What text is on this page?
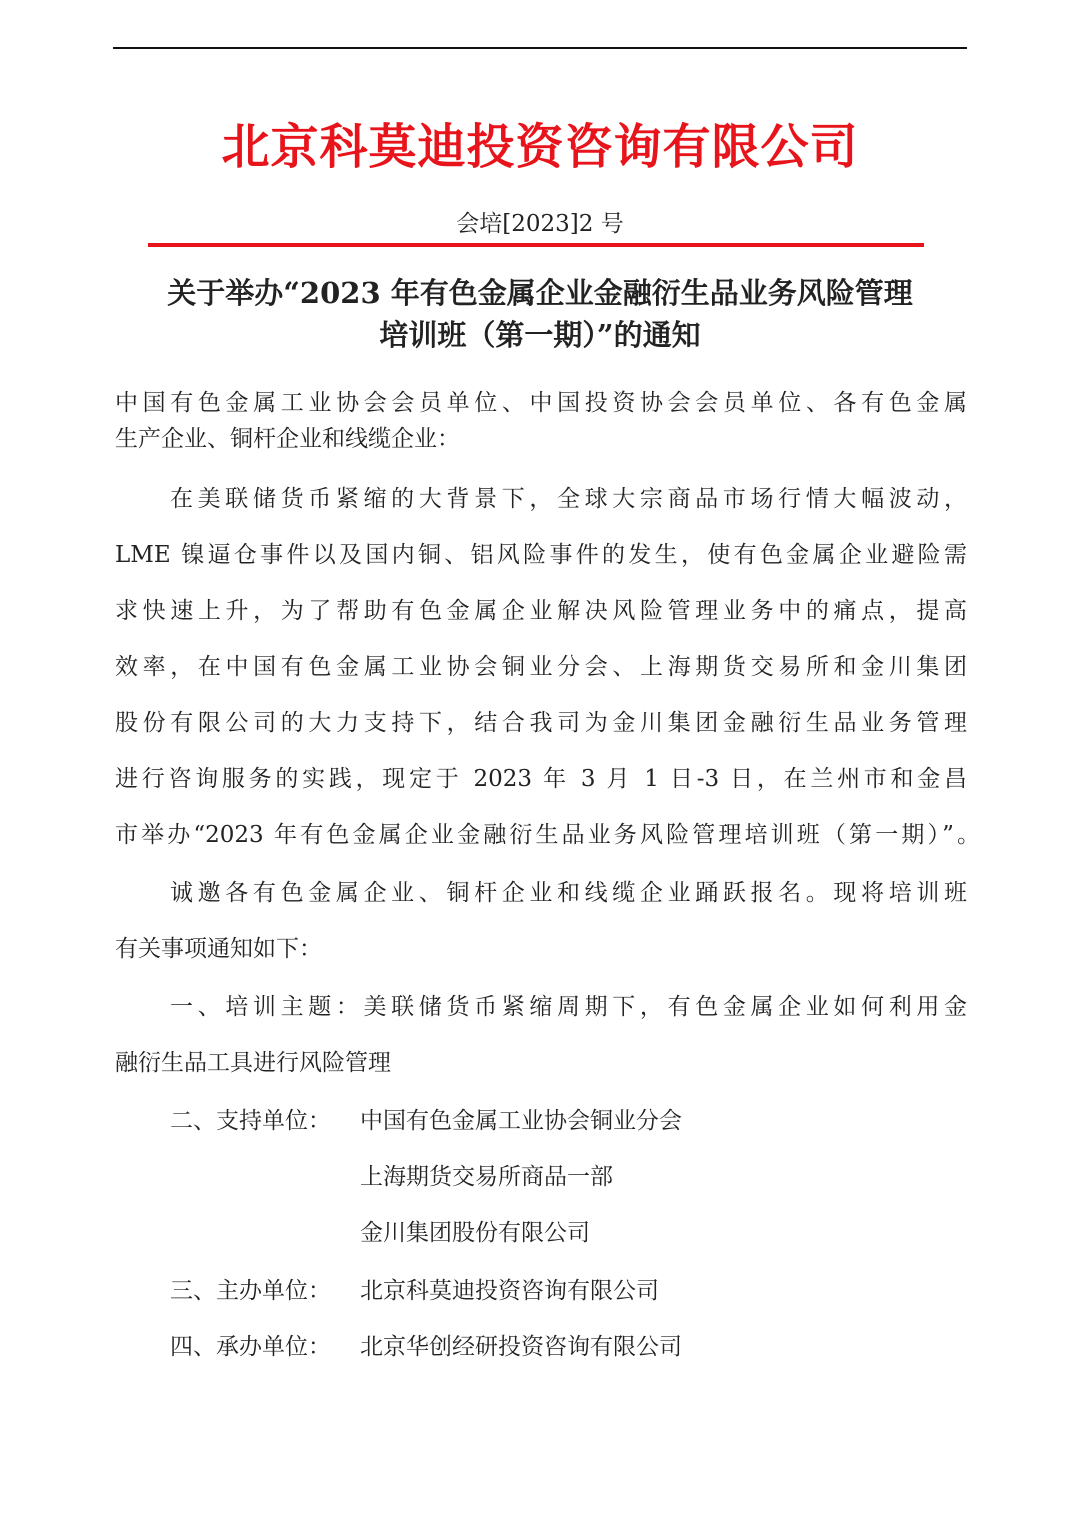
北京科莫迪投资咨询有限公司
会培[2023]2 号
关于举办“2023 年有色金属企业金融衍生品业务风险管理
培训班（第一期）”的通知
中国有色金属工业协会会员单位、中国投资协会会员单位、各有色金属
生产企业、铜杆企业和线缆企业：
在美联储货币紧缩的大背景下，全球大宗商品市场行情大幅波动，
LME 镍逼仓事件以及国内铜、铝风险事件的发生，使有色金属企业避险需
求快速上升，为了帮助有色金属企业解决风险管理业务中的痛点，提高
效率，在中国有色金属工业协会铜业分会、上海期货交易所和金川集团
股份有限公司的大力支持下，结合我司为金川集团金融衍生品业务管理
进行咨询服务的实践，现定于 2023 年 3 月 1 日-3 日，在兰州市和金昌
市举办“2023 年有色金属企业金融衍生品业务风险管理培训班（第一期）”。
诚邀各有色金属企业、铜杆企业和线缆企业踊跃报名。现将培训班
有关事项通知如下：
一、培训主题：美联储货币紧缩周期下，有色金属企业如何利用金
融衍生品工具进行风险管理
二、支持单位： 中国有色金属工业协会铜业分会
上海期货交易所商品一部
金川集团股份有限公司
三、主办单位： 北京科莫迪投资咨询有限公司
四、承办单位： 北京华创经研投资咨询有限公司
